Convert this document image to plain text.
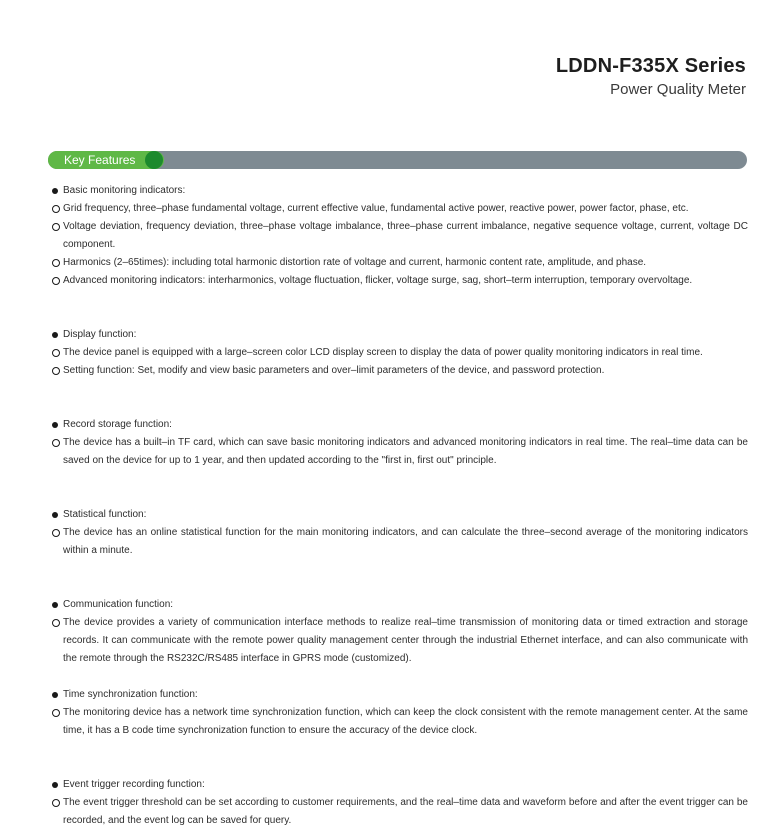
LDDN-F335X Series
Power Quality Meter
Key Features
Basic monitoring indicators:
Grid frequency, three–phase fundamental voltage, current effective value, fundamental active power, reactive power, power factor, phase, etc.
Voltage deviation, frequency deviation, three–phase voltage imbalance, three–phase current imbalance, negative sequence voltage, current, voltage DC component.
Harmonics (2–65times): including total harmonic distortion rate of voltage and current, harmonic content rate, amplitude, and phase.
Advanced monitoring indicators: interharmonics, voltage fluctuation, flicker, voltage surge, sag, short–term interruption, temporary overvoltage.
Display function:
The device panel is equipped with a large–screen color LCD display screen to display the data of power quality monitoring indicators in real time.
Setting function: Set, modify and view basic parameters and over–limit parameters of the device, and password protection.
Record storage function:
The device has a built–in TF card, which can save basic monitoring indicators and advanced monitoring indicators in real time. The real–time data can be saved on the device for up to 1 year, and then updated according to the "first in, first out" principle.
Statistical function:
The device has an online statistical function for the main monitoring indicators, and can calculate the three–second average of the monitoring indicators within a minute.
Communication function:
The device provides a variety of communication interface methods to realize real–time transmission of monitoring data or timed extraction and storage records. It can communicate with the remote power quality management center through the industrial Ethernet interface, and can also communicate with the remote through the RS232C/RS485 interface in GPRS mode (customized).
Time synchronization function:
The monitoring device has a network time synchronization function, which can keep the clock consistent with the remote management center. At the same time, it has a B code time synchronization function to ensure the accuracy of the device clock.
Event trigger recording function:
The event trigger threshold can be set according to customer requirements, and the real–time data and waveform before and after the event trigger can be recorded, and the event log can be saved for query.
